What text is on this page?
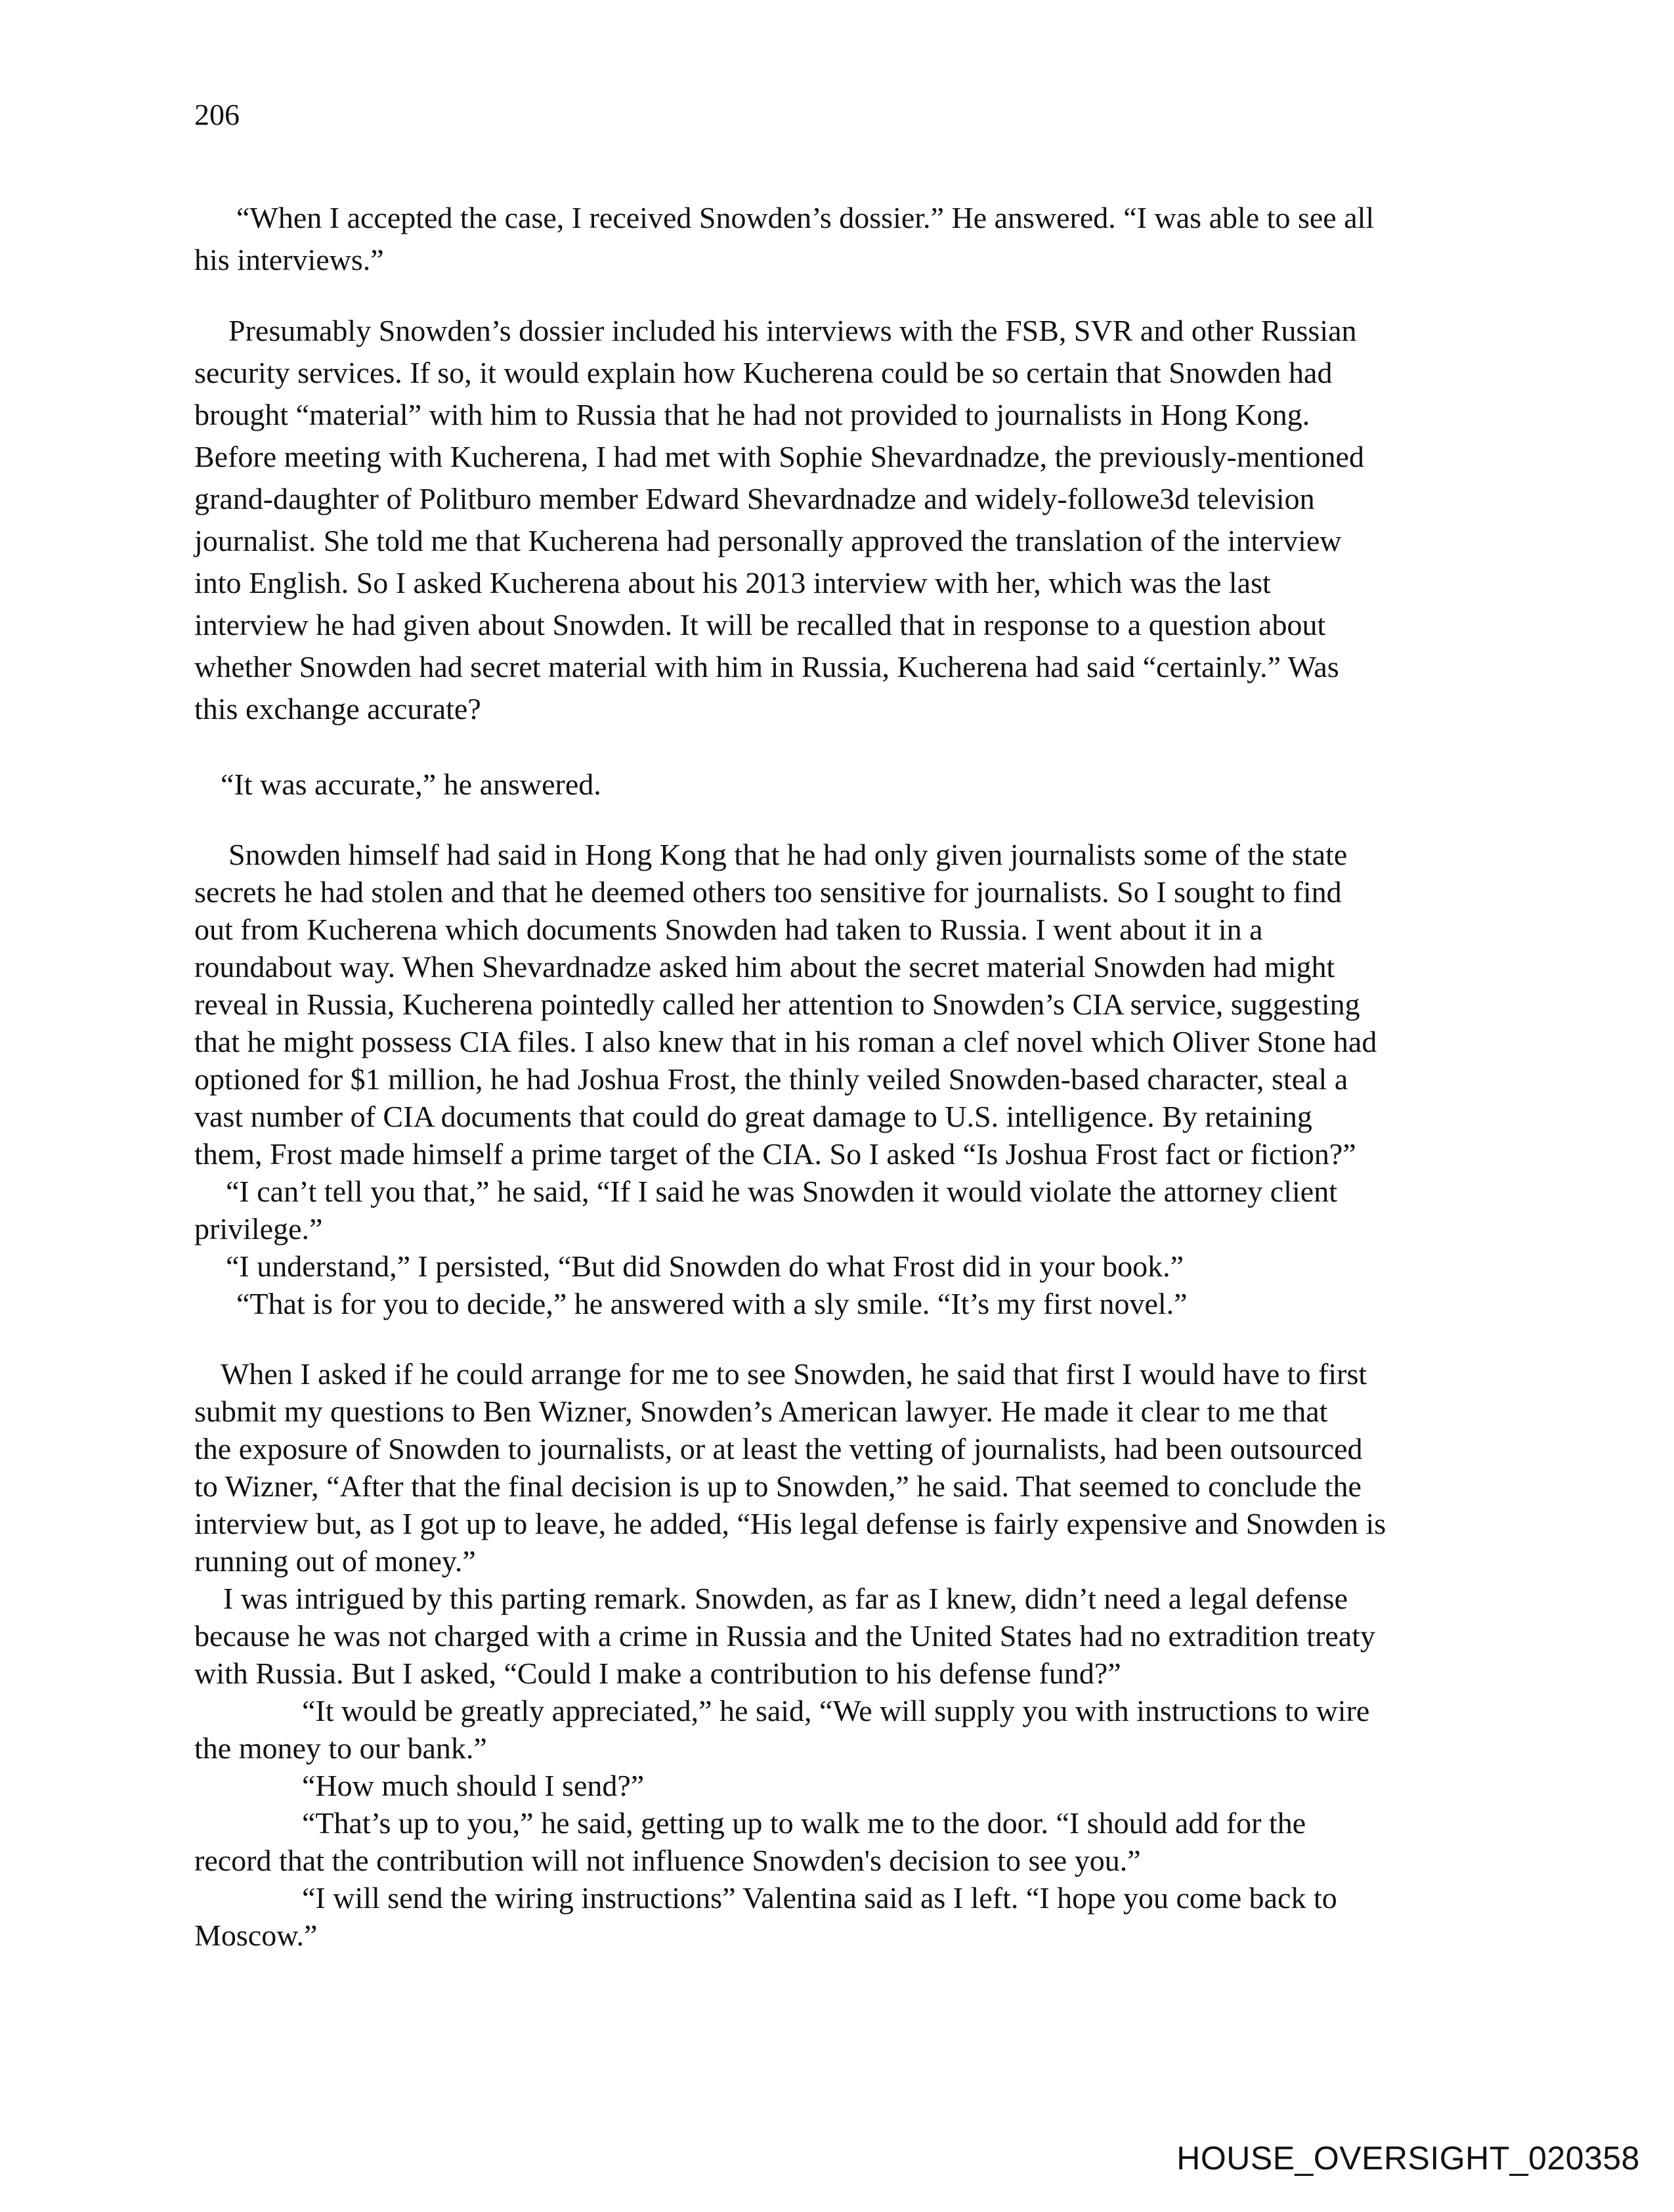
206
“When I accepted the case, I received Snowden’s dossier.” He answered. “I was able to see all
his interviews.”
Presumably Snowden’s dossier included his interviews with the FSB, SVR and other Russian
security services. If so, it would explain how Kucherena could be so certain that Snowden had
brought “material” with him to Russia that he had not provided to journalists in Hong Kong.
Before meeting with Kucherena, I had met with Sophie Shevardnadze, the previously-mentioned
grand-daughter of Politburo member Edward Shevardnadze and widely-followe3d television
journalist. She told me that Kucherena had personally approved the translation of the interview
into English. So I asked Kucherena about his 2013 interview with her, which was the last
interview he had given about Snowden. It will be recalled that in response to a question about
whether Snowden had secret material with him in Russia, Kucherena had said “certainly.” Was
this exchange accurate?
“It was accurate,” he answered.
Snowden himself had said in Hong Kong that he had only given journalists some of the state
secrets he had stolen and that he deemed others too sensitive for journalists. So I sought to find
out from Kucherena which documents Snowden had taken to Russia. I went about it in a
roundabout way. When Shevardnadze asked him about the secret material Snowden had might
reveal in Russia, Kucherena pointedly called her attention to Snowden’s CIA service, suggesting
that he might possess CIA files. I also knew that in his roman a clef novel which Oliver Stone had
optioned for $1 million, he had Joshua Frost, the thinly veiled Snowden-based character, steal a
vast number of CIA documents that could do great damage to U.S. intelligence. By retaining
them, Frost made himself a prime target of the CIA. So I asked “Is Joshua Frost fact or fiction?”
“I can’t tell you that,” he said, “If I said he was Snowden it would violate the attorney client
privilege.”
“I understand,” I persisted, “But did Snowden do what Frost did in your book.”
“That is for you to decide,” he answered with a sly smile. “It’s my first novel.”
When I asked if he could arrange for me to see Snowden, he said that first I would have to first
submit my questions to Ben Wizner, Snowden’s American lawyer. He made it clear to me that
the exposure of Snowden to journalists, or at least the vetting of journalists, had been outsourced
to Wizner, “After that the final decision is up to Snowden,” he said. That seemed to conclude the
interview but, as I got up to leave, he added, “His legal defense is fairly expensive and Snowden is
running out of money.”
I was intrigued by this parting remark. Snowden, as far as I knew, didn’t need a legal defense
because he was not charged with a crime in Russia and the United States had no extradition treaty
with Russia. But I asked, “Could I make a contribution to his defense fund?”
“It would be greatly appreciated,” he said, “We will supply you with instructions to wire
the money to our bank.”
“How much should I send?”
“That’s up to you,” he said, getting up to walk me to the door. “I should add for the
record that the contribution will not influence Snowden's decision to see you.”
“I will send the wiring instructions” Valentina said as I left. “I hope you come back to
Moscow.”
HOUSE_OVERSIGHT_020358
